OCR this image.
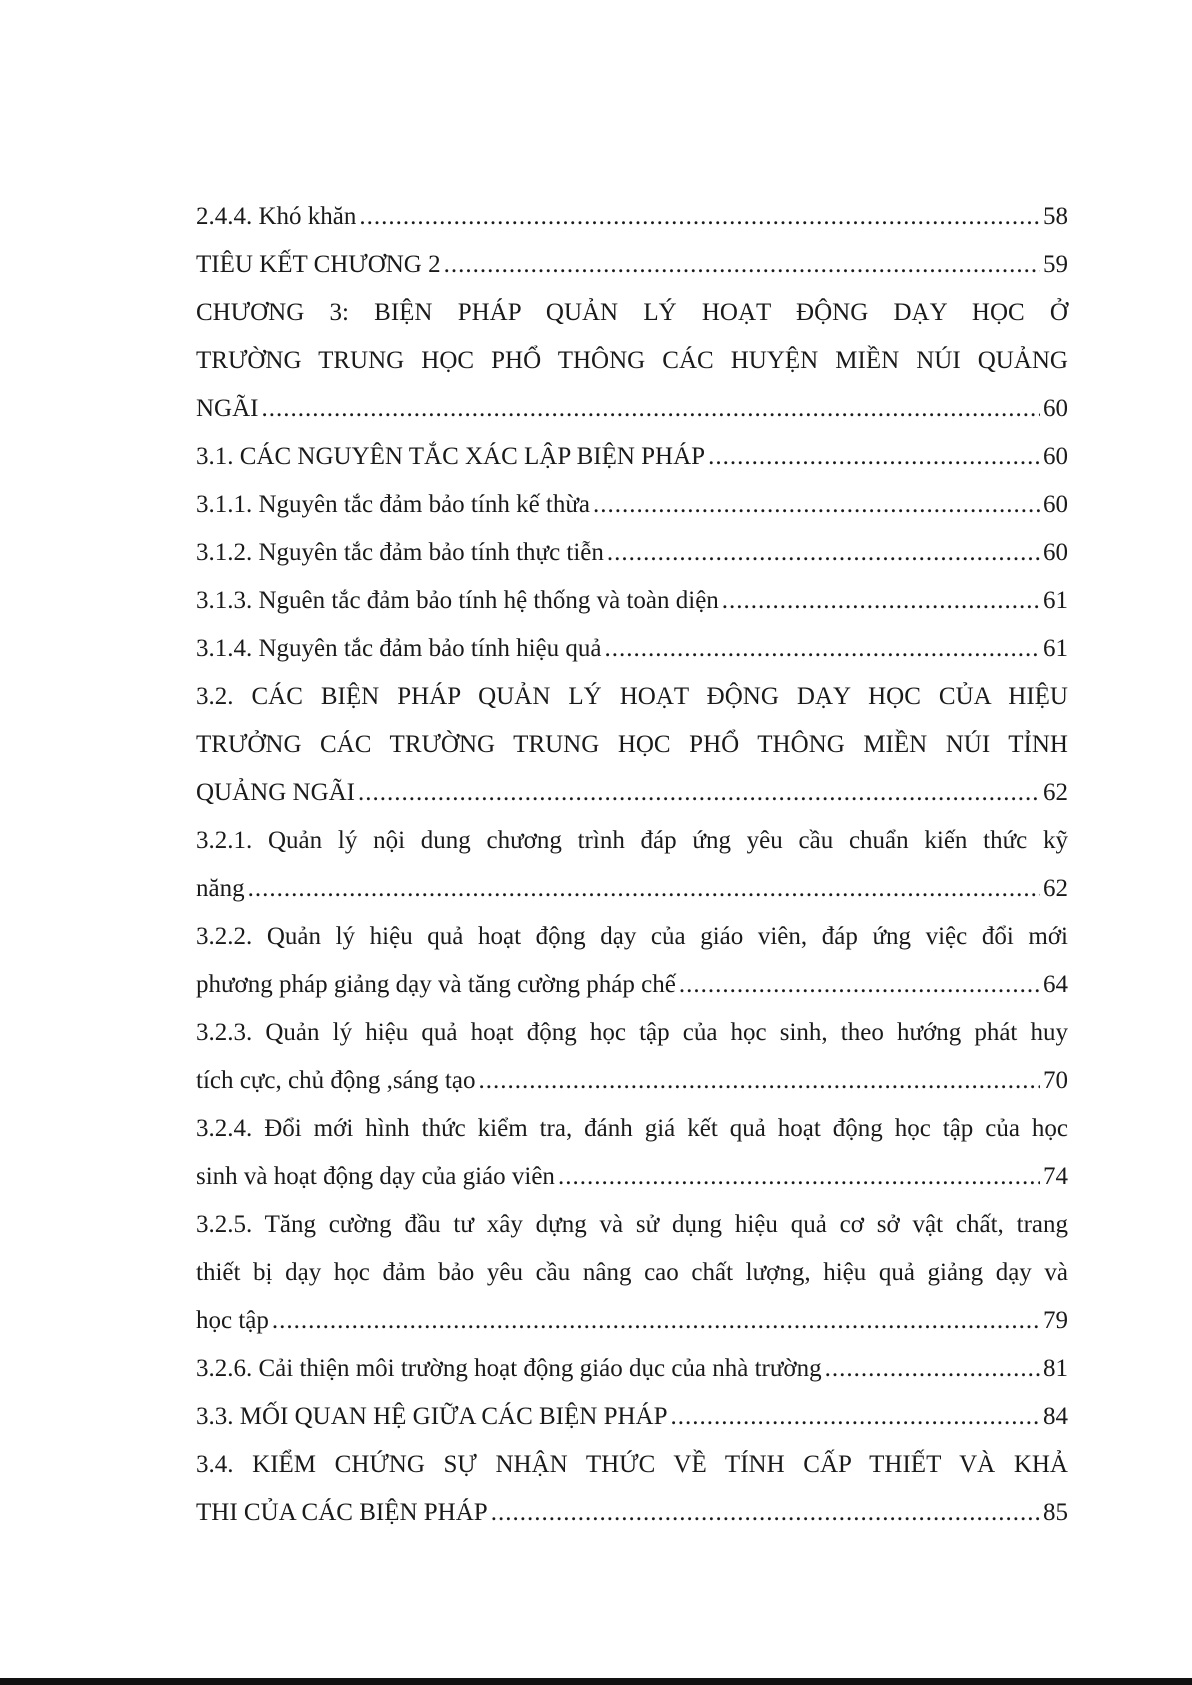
2.4.4. Khó khăn .....	58
TIÊU KẾT CHƯƠNG 2 .....	59
CHƯƠNG 3: BIỆN PHÁP QUẢN LÝ HOẠT ĐỘNG DẠY HỌC Ở
TRƯỜNG TRUNG HỌC PHỔ THÔNG CÁC HUYỆN MIỀN NÚI QUẢNG
NGÃI .....	60
3.1. CÁC NGUYÊN TẮC XÁC LẬP BIỆN PHÁP .....	60
3.1.1. Nguyên tắc đảm bảo tính kế thừa .....	60
3.1.2. Nguyên tắc đảm bảo tính thực tiễn .....	60
3.1.3. Nguên tắc đảm bảo tính hệ thống và toàn diện .....	61
3.1.4. Nguyên tắc đảm bảo tính hiệu quả .....	61
3.2. CÁC BIỆN PHÁP QUẢN LÝ HOẠT ĐỘNG DẠY HỌC CỦA HIỆU
TRƯỞNG CÁC TRƯỜNG TRUNG HỌC PHỔ THÔNG MIỀN NÚI TỈNH
QUẢNG NGÃI .....	62
3.2.1. Quản lý nội dung chương trình đáp ứng yêu cầu chuẩn kiến thức kỹ
năng .....	62
3.2.2. Quản lý hiệu quả hoạt động dạy của giáo viên, đáp ứng việc đổi mới
phương pháp giảng dạy và tăng cường pháp chế .....	64
3.2.3. Quản lý hiệu quả hoạt động học tập của học sinh, theo hướng phát huy
tích cực, chủ động ,sáng tạo .....	70
3.2.4. Đổi mới hình thức kiểm tra, đánh giá kết quả hoạt động học tập của học
sinh và hoạt động dạy của giáo viên .....	74
3.2.5. Tăng cường đầu tư xây dựng và sử dụng hiệu quả cơ sở vật chất, trang
thiết bị dạy học đảm bảo yêu cầu nâng cao chất lượng, hiệu quả giảng dạy và
học tập .....	79
3.2.6. Cải thiện môi trường hoạt động giáo dục của nhà trường .....	81
3.3. MỐI QUAN HỆ GIỮA CÁC BIỆN PHÁP .....	84
3.4. KIỂM CHỨNG SỰ NHẬN THỨC VỀ TÍNH CẤP THIẾT VÀ KHẢ
THI CỦA CÁC BIỆN PHÁP .....	85
